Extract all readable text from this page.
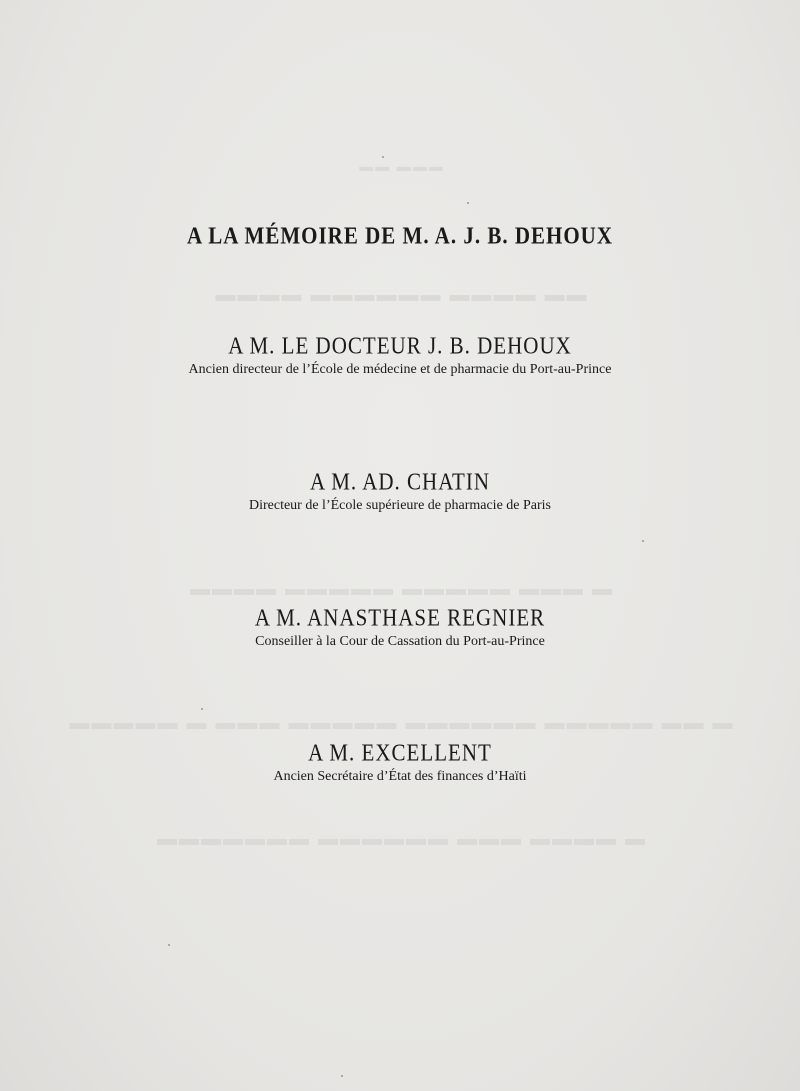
▬▬▬ ▬▬
▬▬ ▬▬▬▬ ▬▬▬▬▬▬ ▬▬▬▬
▬ ▬▬▬ ▬▬▬▬▬ ▬▬▬▬▬ ▬▬▬▬
▬ ▬▬ ▬▬▬▬▬ ▬▬▬▬▬▬ ▬▬▬▬▬ ▬▬▬ ▬ ▬▬▬▬▬
▬ ▬▬▬▬ ▬▬▬ ▬▬▬▬▬▬ ▬▬▬▬▬▬▬
A LA MÉMOIRE DE M. A. J. B. DEHOUX
A M. LE DOCTEUR J. B. DEHOUX
Ancien directeur de l’École de médecine et de pharmacie du Port-au-Prince
A M. AD. CHATIN
Directeur de l’École supérieure de pharmacie de Paris
A M. ANASTHASE REGNIER
Conseiller à la Cour de Cassation du Port-au-Prince
A M. EXCELLENT
Ancien Secrétaire d’État des finances d’Haïti
